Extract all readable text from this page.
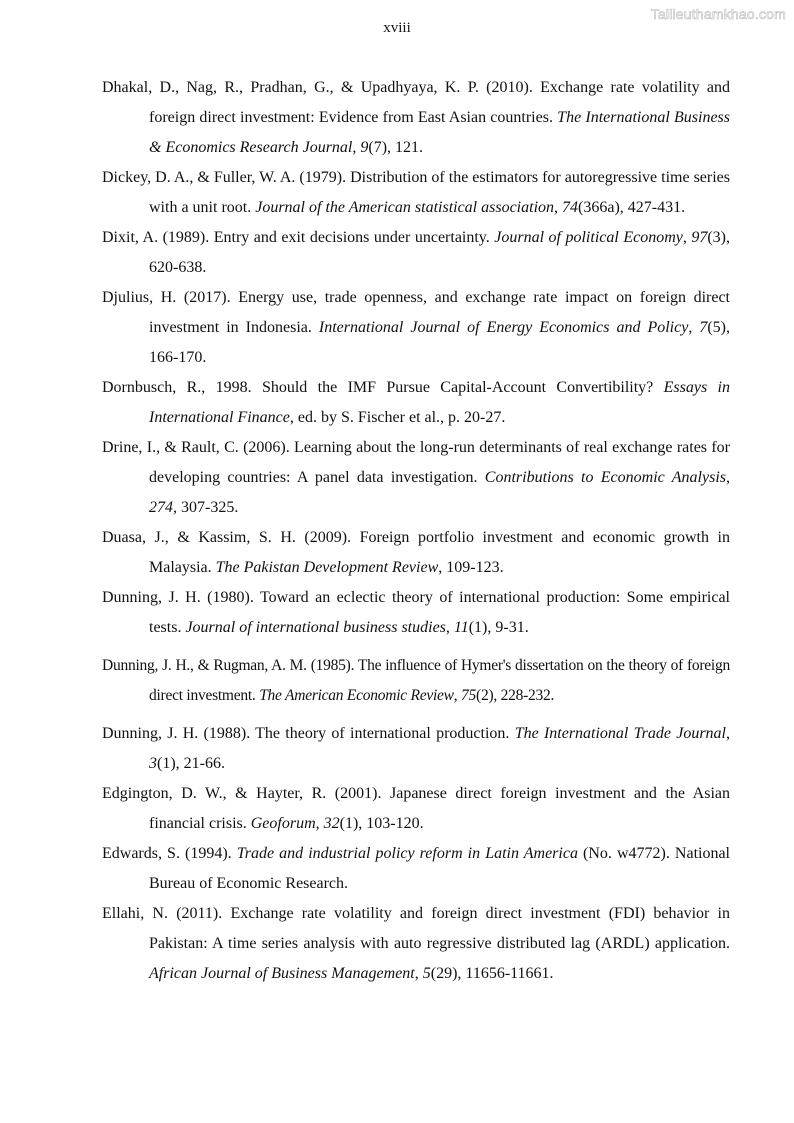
Tailieuthamkhao.com
xviii

Dhakal, D., Nag, R., Pradhan, G., & Upadhyaya, K. P. (2010). Exchange rate volatility and foreign direct investment: Evidence from East Asian countries. The International Business & Economics Research Journal, 9(7), 121.

Dickey, D. A., & Fuller, W. A. (1979). Distribution of the estimators for autoregressive time series with a unit root. Journal of the American statistical association, 74(366a), 427-431.

Dixit, A. (1989). Entry and exit decisions under uncertainty. Journal of political Economy, 97(3), 620-638.

Djulius, H. (2017). Energy use, trade openness, and exchange rate impact on foreign direct investment in Indonesia. International Journal of Energy Economics and Policy, 7(5), 166-170.

Dornbusch, R., 1998. Should the IMF Pursue Capital-Account Convertibility? Essays in International Finance, ed. by S. Fischer et al., p. 20-27.

Drine, I., & Rault, C. (2006). Learning about the long-run determinants of real exchange rates for developing countries: A panel data investigation. Contributions to Economic Analysis, 274, 307-325.

Duasa, J., & Kassim, S. H. (2009). Foreign portfolio investment and economic growth in Malaysia. The Pakistan Development Review, 109-123.

Dunning, J. H. (1980). Toward an eclectic theory of international production: Some empirical tests. Journal of international business studies, 11(1), 9-31.

Dunning, J. H., & Rugman, A. M. (1985). The influence of Hymer's dissertation on the theory of foreign direct investment. The American Economic Review, 75(2), 228-232.

Dunning, J. H. (1988). The theory of international production. The International Trade Journal, 3(1), 21-66.

Edgington, D. W., & Hayter, R. (2001). Japanese direct foreign investment and the Asian financial crisis. Geoforum, 32(1), 103-120.

Edwards, S. (1994). Trade and industrial policy reform in Latin America (No. w4772). National Bureau of Economic Research.

Ellahi, N. (2011). Exchange rate volatility and foreign direct investment (FDI) behavior in Pakistan: A time series analysis with auto regressive distributed lag (ARDL) application. African Journal of Business Management, 5(29), 11656-11661.
